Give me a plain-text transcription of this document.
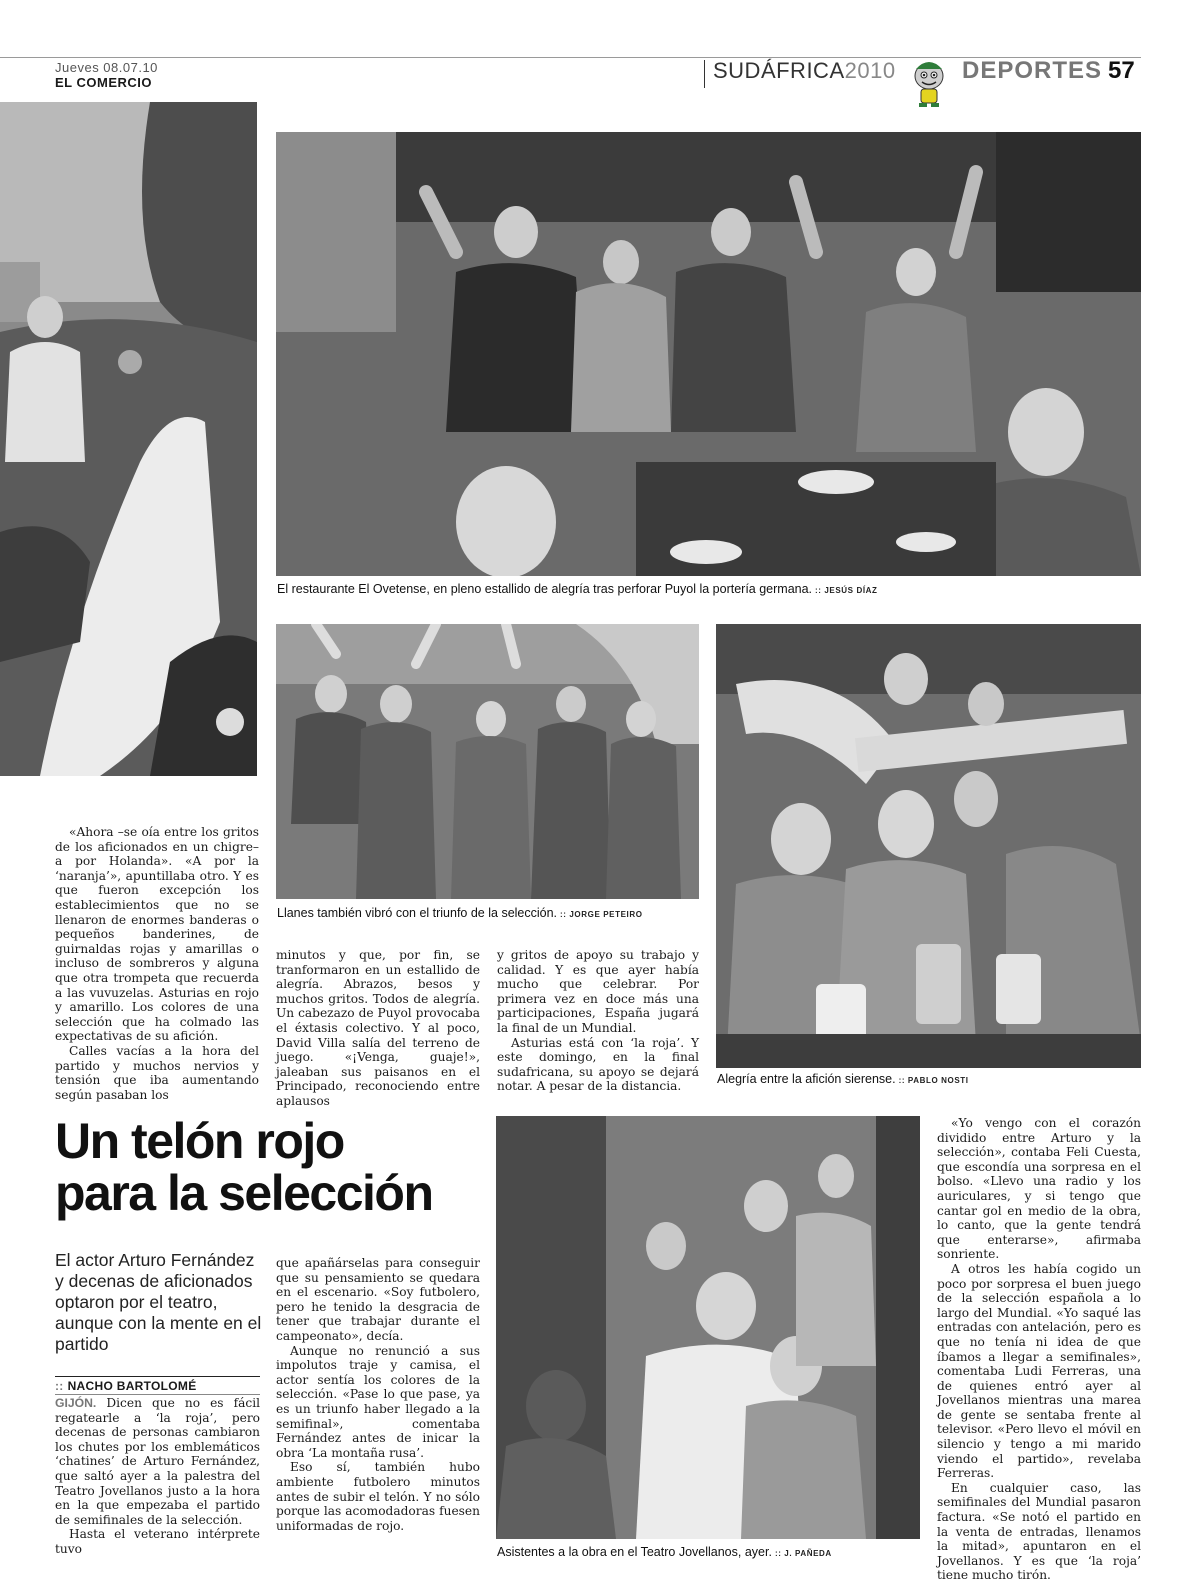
Jueves 08.07.10
EL COMERCIO	SUDÁFRICA2010	DEPORTES 57
El restaurante El Ovetense, en pleno estallido de alegría tras perforar Puyol la portería germana. :: JESÚS DÍAZ
Llanes también vibró con el triunfo de la selección. :: JORGE PETEIRO
Alegría entre la afición sierense. :: PABLO NOSTI

«Ahora –se oía entre los gritos de los aficionados en un chigre– a por Holanda». «A por la ‘naranja’», apuntillaba otro. Y es que fueron excepción los establecimientos que no se llenaron de enormes banderas o pequeños banderines, de guirnaldas rojas y amarillas o incluso de sombreros y alguna que otra trompeta que recuerda a las vuvuzelas. Asturias en rojo y amarillo. Los colores de una selección que ha colmado las expectativas de su afición.

Calles vacías a la hora del partido y muchos nervios y tensión que iba aumentando según pasaban los

minutos y que, por fin, se tranformaron en un estallido de alegría. Abrazos, besos y muchos gritos. Todos de alegría. Un cabezazo de Puyol provocaba el éxtasis colectivo. Y al poco, David Villa salía del terreno de juego. «¡Venga, guaje!», jaleaban sus paisanos en el Principado, reconociendo entre aplausos

y gritos de apoyo su trabajo y calidad. Y es que ayer había mucho que celebrar. Por primera vez en doce más una participaciones, España jugará la final de un Mundial.

Asturias está con ‘la roja’. Y este domingo, en la final sudafricana, su apoyo se dejará notar. A pesar de la distancia.

Un telón rojo
para la selección
El actor Arturo Fernández y decenas de aficionados optaron por el teatro, aunque con la mente en el partido
:: NACHO BARTOLOMÉ

GIJÓN. Dicen que no es fácil regatearle a ‘la roja’, pero decenas de personas cambiaron los chutes por los emblemáticos ‘chatines’ de Arturo Fernández, que saltó ayer a la palestra del Teatro Jovellanos justo a la hora en la que empezaba el partido de semifinales de la selección.

Hasta el veterano intérprete tuvo

que apañárselas para conseguir que su pensamiento se quedara en el escenario. «Soy futbolero, pero he tenido la desgracia de tener que trabajar durante el campeonato», decía.

Aunque no renunció a sus impolutos traje y camisa, el actor sentía los colores de la selección. «Pase lo que pase, ya es un triunfo haber llegado a la semifinal», comentaba Fernández antes de inicar la obra ‘La montaña rusa’.

Eso sí, también hubo ambiente futbolero minutos antes de subir el telón. Y no sólo porque las acomodadoras fuesen uniformadas de rojo.

Asistentes a la obra en el Teatro Jovellanos, ayer. :: J. PAÑEDA

«Yo vengo con el corazón dividido entre Arturo y la selección», contaba Feli Cuesta, que escondía una sorpresa en el bolso. «Llevo una radio y los auriculares, y si tengo que cantar gol en medio de la obra, lo canto, que la gente tendrá que enterarse», afirmaba sonriente.

A otros les había cogido un poco por sorpresa el buen juego de la selección española a lo largo del Mundial. «Yo saqué las entradas con antelación, pero es que no tenía ni idea de que íbamos a llegar a semifinales», comentaba Ludi Ferreras, una de quienes entró ayer al Jovellanos mientras una marea de gente se sentaba frente al televisor. «Pero llevo el móvil en silencio y tengo a mi marido viendo el partido», revelaba Ferreras.

En cualquier caso, las semifinales del Mundial pasaron factura. «Se notó el partido en la venta de entradas, llenamos la mitad», apuntaron en el Jovellanos. Y es que ‘la roja’ tiene mucho tirón.
